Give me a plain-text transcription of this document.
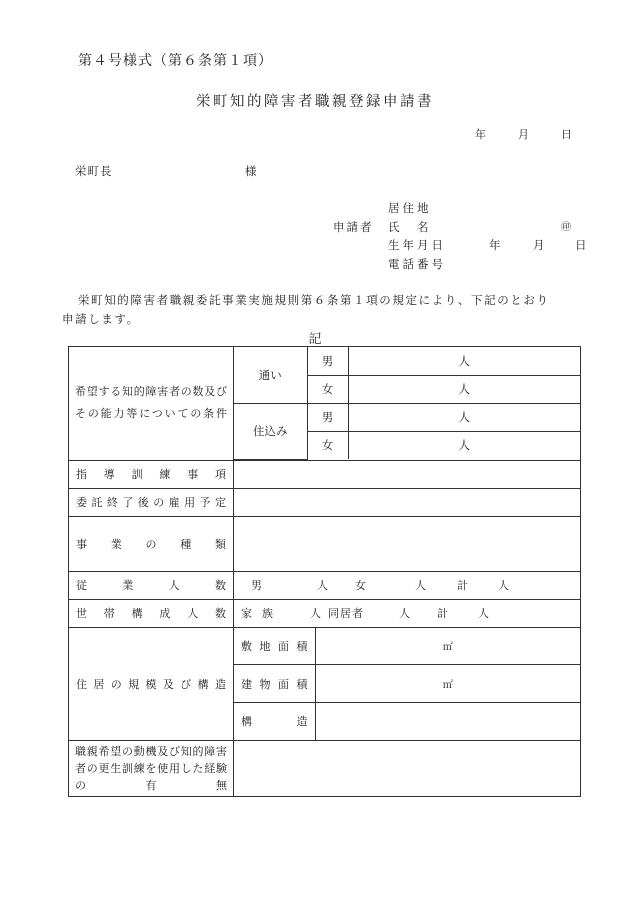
第４号様式（第６条第１項）
栄町知的障害者職親登録申請書
年	月	日
栄町長	様
申請者
居住地
氏　名	㊞
生年月日	年	月	日
電話番号
栄町知的障害者職親委託事業実施規則第６条第１項の規定により、下記のとおり
申請します。
記
希望する知的障害者の数及びその能力等についての条件	
通い	男	人
女	人
住込み	男	人
女	人

指導訓練事項	
委託終了後の雇用予定	
事業の種類	
従業人数	男	人 女	人	計	人

世帯構成人数	家族	人 同居者	人 計	人

住居の規模及び構造	
敷地面積	㎡
建物面積	㎡
構造	

職親希望の動機及び知的障害者の更生訓練を使用した経験の有無	
